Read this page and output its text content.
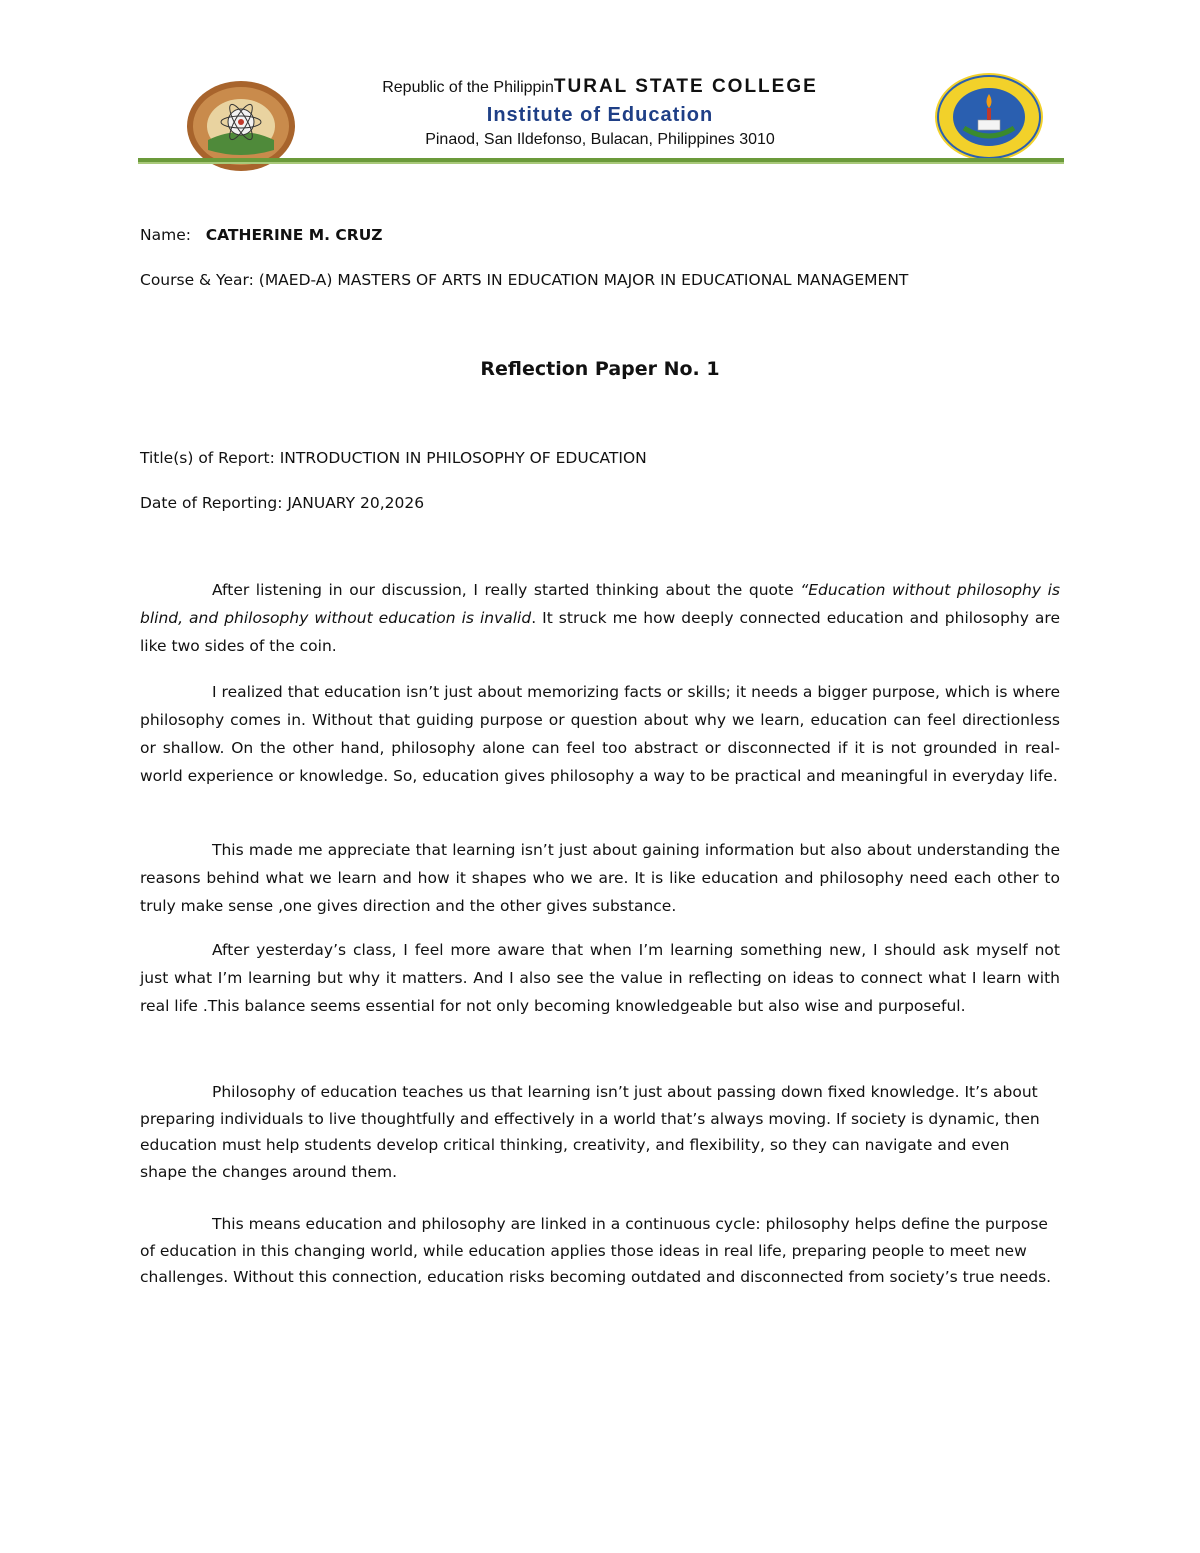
Republic of the PhilippinTURAL STATE COLLEGE
Institute of Education
Pinaod, San Ildefonso, Bulacan, Philippines 3010
Name: CATHERINE M. CRUZ
Course & Year: (MAED-A) MASTERS OF ARTS IN EDUCATION MAJOR IN EDUCATIONAL MANAGEMENT
Reflection Paper No. 1
Title(s) of Report: INTRODUCTION IN PHILOSOPHY OF EDUCATION
Date of Reporting: JANUARY 20,2026

After listening in our discussion, I really started thinking about the quote “Education without philosophy is blind, and philosophy without education is invalid. It struck me how deeply connected education and philosophy are like two sides of the coin.

I realized that education isn’t just about memorizing facts or skills; it needs a bigger purpose, which is where philosophy comes in. Without that guiding purpose or question about why we learn, education can feel directionless or shallow. On the other hand, philosophy alone can feel too abstract or disconnected if it is not grounded in real-world experience or knowledge. So, education gives philosophy a way to be practical and meaningful in everyday life.

This made me appreciate that learning isn’t just about gaining information but also about understanding the reasons behind what we learn and how it shapes who we are. It is like education and philosophy need each other to truly make sense ,one gives direction and the other gives substance.

After yesterday’s class, I feel more aware that when I’m learning something new, I should ask myself not just what I’m learning but why it matters. And I also see the value in reflecting on ideas to connect what I learn with real life .This balance seems essential for not only becoming knowledgeable but also wise and purposeful.

Philosophy of education teaches us that learning isn’t just about passing down fixed knowledge. It’s about preparing individuals to live thoughtfully and effectively in a world that’s always moving. If society is dynamic, then education must help students develop critical thinking, creativity, and flexibility, so they can navigate and even shape the changes around them.

This means education and philosophy are linked in a continuous cycle: philosophy helps define the purpose of education in this changing world, while education applies those ideas in real life, preparing people to meet new challenges. Without this connection, education risks becoming outdated and disconnected from society’s true needs.
